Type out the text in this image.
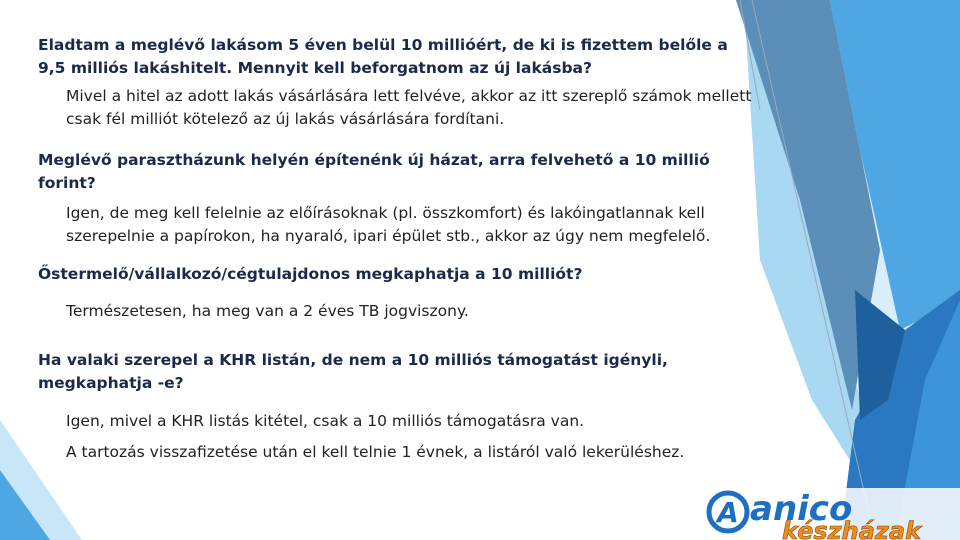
Eladtam a meglévő lakásom 5 éven belül 10 millióért, de ki is fizettem belőle a 9,5 milliós lakáshitelt. Mennyit kell beforgatnom az új lakásba?

Mivel a hitel az adott lakás vásárlására lett felvéve, akkor az itt szereplő számok mellett csak fél milliót kötelező az új lakás vásárlására fordítani.

Meglévő parasztházunk helyén építenénk új házat, arra felvehető a 10 millió forint?

Igen, de meg kell felelnie az előírásoknak (pl. összkomfort) és lakóingatlannak kell szerepelnie a papírokon, ha nyaraló, ipari épület stb., akkor az úgy nem megfelelő.

Őstermelő/vállalkozó/cégtulajdonos megkaphatja a 10 milliót?

Természetesen, ha meg van a 2 éves TB jogviszony.

Ha valaki szerepel a KHR listán, de nem a 10 milliós támogatást igényli, megkaphatja -e?

Igen, mivel a KHR listás kitétel, csak a 10 milliós támogatásra van.

A tartozás visszafizetése után el kell telnie 1 évnek, a listáról való lekerüléshez.

A anico
készházak
